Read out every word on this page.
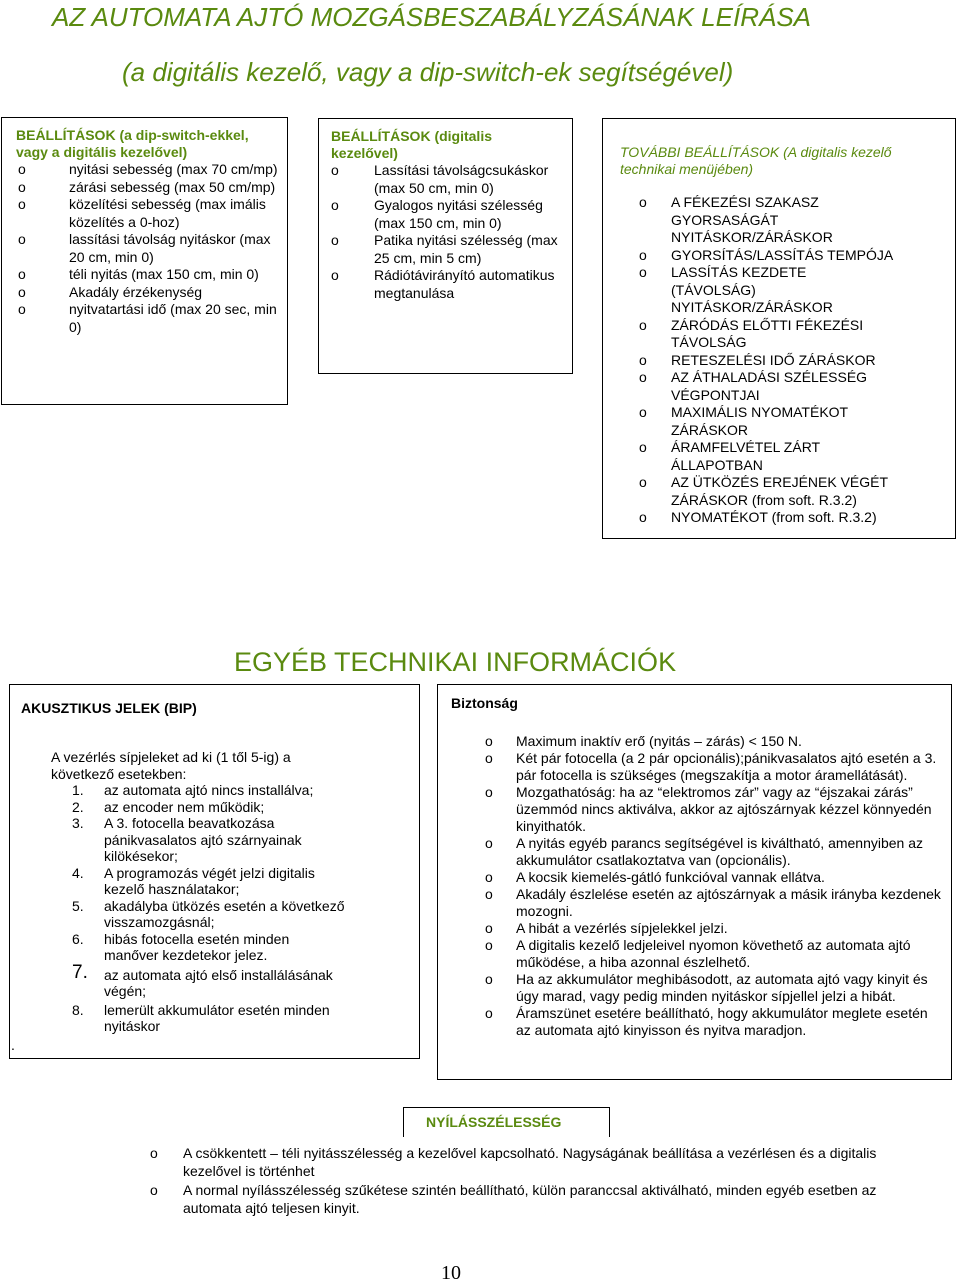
AZ AUTOMATA AJTÓ MOZGÁSBESZABÁLYZÁSÁNAK LEÍRÁSA
(a digitális kezelő, vagy a dip-switch-ek segítségével)
BEÁLLÍTÁSOK (a dip-switch-ekkel, vagy a digitális kezelővel)
o nyitási sebesség (max 70 cm/mp)
o zárási sebesség (max 50 cm/mp)
o közelítési sebesség (max imális közelítés a 0-hoz)
o lassítási távolság nyitáskor (max 20 cm, min 0)
o téli nyitás (max 150 cm, min 0)
o Akadály érzékenység
o nyitvatartási idő (max 20 sec, min 0)
BEÁLLÍTÁSOK (digitalis kezelővel)
o Lassítási távolságcsukáskor (max 50 cm, min 0)
o Gyalogos nyitási szélesség (max 150 cm, min 0)
o Patika nyitási szélesség (max 25 cm, min 5 cm)
o Rádiótávirányító automatikus megtanulása
TOVÁBBI BEÁLLÍTÁSOK (A digitalis kezelő technikai menüjében)
o A FÉKEZÉSI SZAKASZ GYORSASÁGÁT NYITÁSKOR/ZÁRÁSKOR
o GYORSÍTÁS/LASSÍTÁS TEMPÓJA
o LASSÍTÁS KEZDETE (TÁVOLSÁG) NYITÁSKOR/ZÁRÁSKOR
o ZÁRÓDÁS ELŐTTI FÉKEZÉSI TÁVOLSÁG
o RETESZELÉSI IDŐ ZÁRÁSKOR
o AZ ÁTHALADÁSI SZÉLESSÉG VÉGPONTJAI
o MAXIMÁLIS NYOMATÉKOT ZÁRÁSKOR
o ÁRAMFELVÉTEL ZÁRT ÁLLAPOTBAN
o AZ ÜTKÖZÉS EREJÉNEK VÉGÉT ZÁRÁSKOR (from soft. R.3.2)
o NYOMATÉKOT (from soft. R.3.2)
EGYÉB TECHNIKAI INFORMÁCIÓK
AKUSZTIKUS JELEK (BIP)
A vezérlés sípjeleket ad ki (1 től 5-ig) a következő esetekben:
1. az automata ajtó nincs installálva;
2. az encoder nem működik;
3. A 3. fotocella beavatkozása pánikvasalatos ajtó szárnyainak kilökésekor;
4. A programozás végét jelzi digitalis kezelő használatakor;
5. akadályba ütközés esetén a következő visszamozgásnál;
6. hibás fotocella esetén minden manőver kezdetekor jelez.
7. az automata ajtó első installálásának végén;
8. lemerült akkumulátor esetén minden nyitáskor
.
Biztonság
o Maximum inaktív erő (nyitás – zárás) < 150 N.
o Két pár fotocella (a 2 pár opcionális);pánikvasalatos ajtó esetén a 3. pár fotocella is szükséges (megszakítja a motor áramellátását).
o Mozgathatóság: ha az “elektromos zár” vagy az “éjszakai zárás” üzemmód nincs aktiválva, akkor az ajtószárnyak kézzel könnyedén kinyithatók.
o A nyitás egyéb parancs segítségével is kiváltható, amennyiben az akkumulátor csatlakoztatva van (opcionális).
o A kocsik kiemelés-gátló funkcióval vannak ellátva.
o Akadály észlelése esetén az ajtószárnyak a másik irányba kezdenek mozogni.
o A hibát a vezérlés sípjelekkel jelzi.
o A digitalis kezelő ledjeleivel nyomon követhető az automata ajtó működése, a hiba azonnal észlelhető.
o Ha az akkumulátor meghibásodott, az automata ajtó vagy kinyit és úgy marad, vagy pedig minden nyitáskor sípjellel jelzi a hibát.
o Áramszünet esetére beállítható, hogy akkumulátor meglete esetén az automata ajtó kinyisson és nyitva maradjon.
NYÍLÁSSZÉLESSÉG
o A csökkentett – téli nyitásszélesség a kezelővel kapcsolható. Nagyságának beállítása a vezérlésen és a digitalis kezelővel is történhet
o A normal nyílásszélesség szűkétese szintén beállítható, külön paranccsal aktiválható, minden egyéb esetben az automata ajtó teljesen kinyit.
10
